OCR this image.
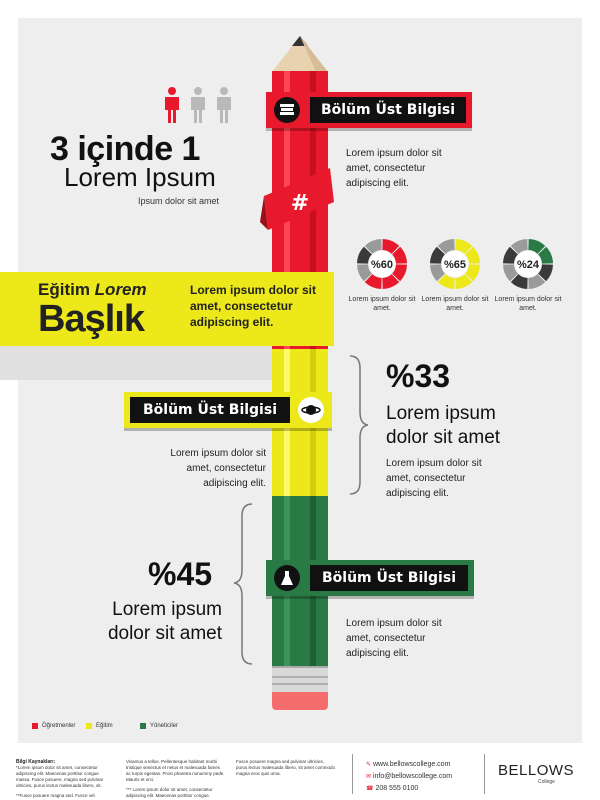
#
3 içinde 1
Lorem Ipsum
Ipsum dolor sit amet
Bölüm Üst Bilgisi
Lorem ipsum dolor sit amet, consectetur adipiscing elit.
%60
Lorem ipsum dolor sit amet.
%65
Lorem ipsum dolor sit amet.
%24
Lorem ipsum dolor sit amet.
Eğitim Lorem
Başlık
Lorem ipsum dolor sit amet, consectetur adipiscing elit.
Bölüm Üst Bilgisi
Lorem ipsum dolor sit amet, consectetur adipiscing elit.
%33
Lorem ipsum dolor sit amet
Lorem ipsum dolor sit amet, consectetur adipiscing elit.
Bölüm Üst Bilgisi
Lorem ipsum dolor sit amet, consectetur adipiscing elit.
%45
Lorem ipsum dolor sit amet
Öğretmenler	Eğitim	Yöneticiler
Bilgi Kaynakları:
*Lorem ipsum dolor sit amet, consectetur adipiscing elit. Maecenas porttitor congue massa. Fusce posuere, magna sed pulvinar ultricies, purus lectus malesuada libero, sit.
**Fusce posuere magna sed. Fusce vel.
Vivamus a tellus. Pellentesque habitant morbi tristique senectus et netus et malesuada fames ac turpis egestas. Proin pharetra nonummy pede. Mauris et orci.
*** Lorem ipsum dolor sit amet, consectetur adipiscing elit. Maecenas porttitor congue.
Fusce posuere magna sed pulvinar ultricies, purus lectus malesuada libero, sit amet commodo magna eros quis urna.
✎ www.bellowscollege.com
✉ info@bellowscollege.com
☎ 208 555 0100
BELLOWS
College
